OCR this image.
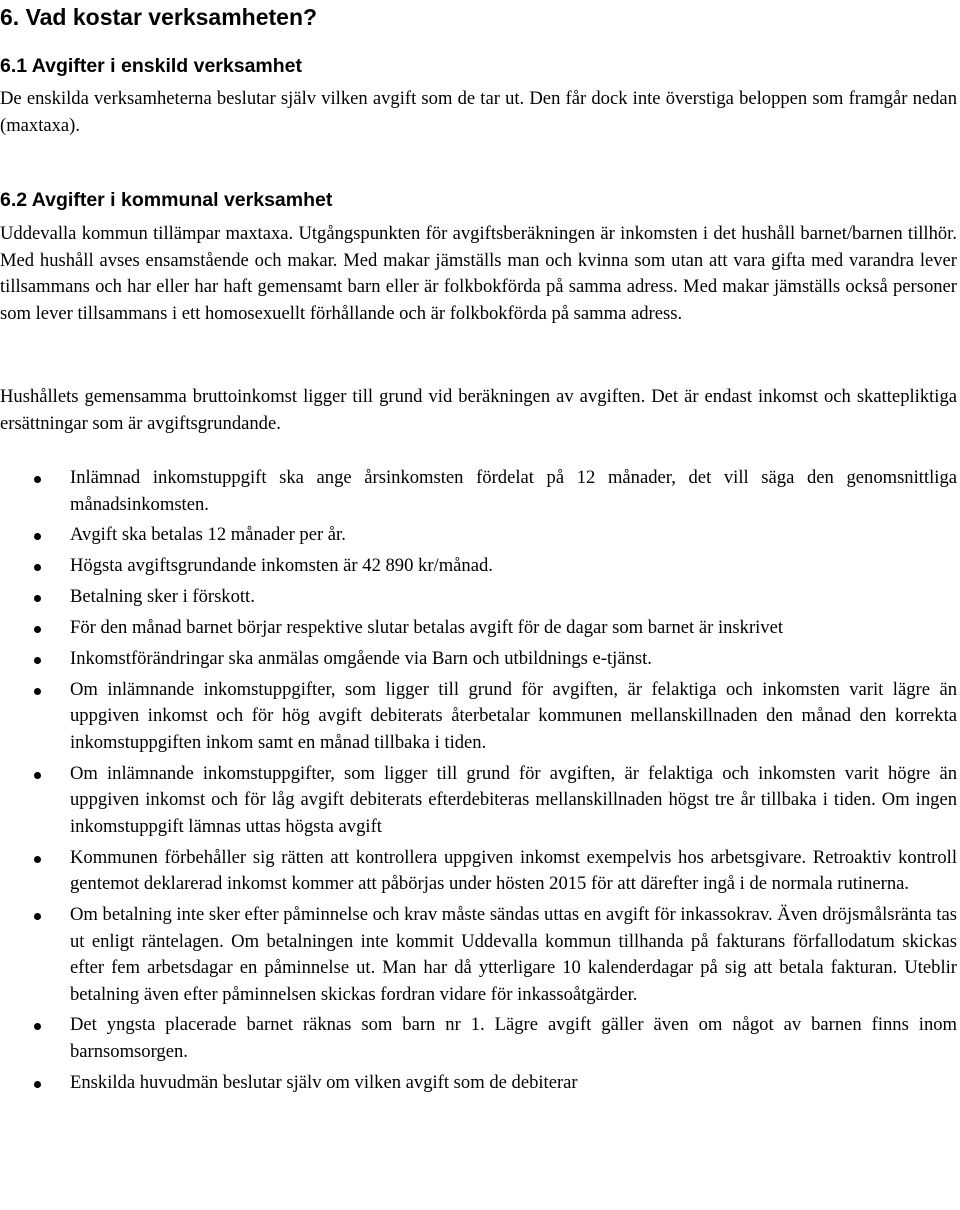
6. Vad kostar verksamheten?
6.1 Avgifter i enskild verksamhet

De enskilda verksamheterna beslutar själv vilken avgift som de tar ut. Den får dock inte överstiga beloppen som framgår nedan (maxtaxa).

6.2 Avgifter i kommunal verksamhet

Uddevalla kommun tillämpar maxtaxa. Utgångspunkten för avgiftsberäkningen är inkomsten i det hushåll barnet/barnen tillhör. Med hushåll avses ensamstående och makar. Med makar jämställs man och kvinna som utan att vara gifta med varandra lever tillsammans och har eller har haft gemensamt barn eller är folkbokförda på samma adress. Med makar jämställs också personer som lever tillsammans i ett homosexuellt förhållande och är folkbokförda på samma adress.

Hushållets gemensamma bruttoinkomst ligger till grund vid beräkningen av avgiften. Det är endast inkomst och skattepliktiga ersättningar som är avgiftsgrundande.

Inlämnad inkomstuppgift ska ange årsinkomsten fördelat på 12 månader, det vill säga den genomsnittliga månadsinkomsten.
Avgift ska betalas 12 månader per år.
Högsta avgiftsgrundande inkomsten är 42 890 kr/månad.
Betalning sker i förskott.
För den månad barnet börjar respektive slutar betalas avgift för de dagar som barnet är inskrivet
Inkomstförändringar ska anmälas omgående via Barn och utbildnings e-tjänst.
Om inlämnande inkomstuppgifter, som ligger till grund för avgiften, är felaktiga och inkomsten varit lägre än uppgiven inkomst och för hög avgift debiterats återbetalar kommunen mellanskillnaden den månad den korrekta inkomstuppgiften inkom samt en månad tillbaka i tiden.
Om inlämnande inkomstuppgifter, som ligger till grund för avgiften, är felaktiga och inkomsten varit högre än uppgiven inkomst och för låg avgift debiterats efterdebiteras mellanskillnaden högst tre år tillbaka i tiden. Om ingen inkomstuppgift lämnas uttas högsta avgift
Kommunen förbehåller sig rätten att kontrollera uppgiven inkomst exempelvis hos arbetsgivare. Retroaktiv kontroll gentemot deklarerad inkomst kommer att påbörjas under hösten 2015 för att därefter ingå i de normala rutinerna.
Om betalning inte sker efter påminnelse och krav måste sändas uttas en avgift för inkassokrav. Även dröjsmålsränta tas ut enligt räntelagen. Om betalningen inte kommit Uddevalla kommun tillhanda på fakturans förfallodatum skickas efter fem arbetsdagar en påminnelse ut. Man har då ytterligare 10 kalenderdagar på sig att betala fakturan. Uteblir betalning även efter påminnelsen skickas fordran vidare för inkassoåtgärder.
Det yngsta placerade barnet räknas som barn nr 1. Lägre avgift gäller även om något av barnen finns inom barnsomsorgen.
Enskilda huvudmän beslutar själv om vilken avgift som de debiterar
